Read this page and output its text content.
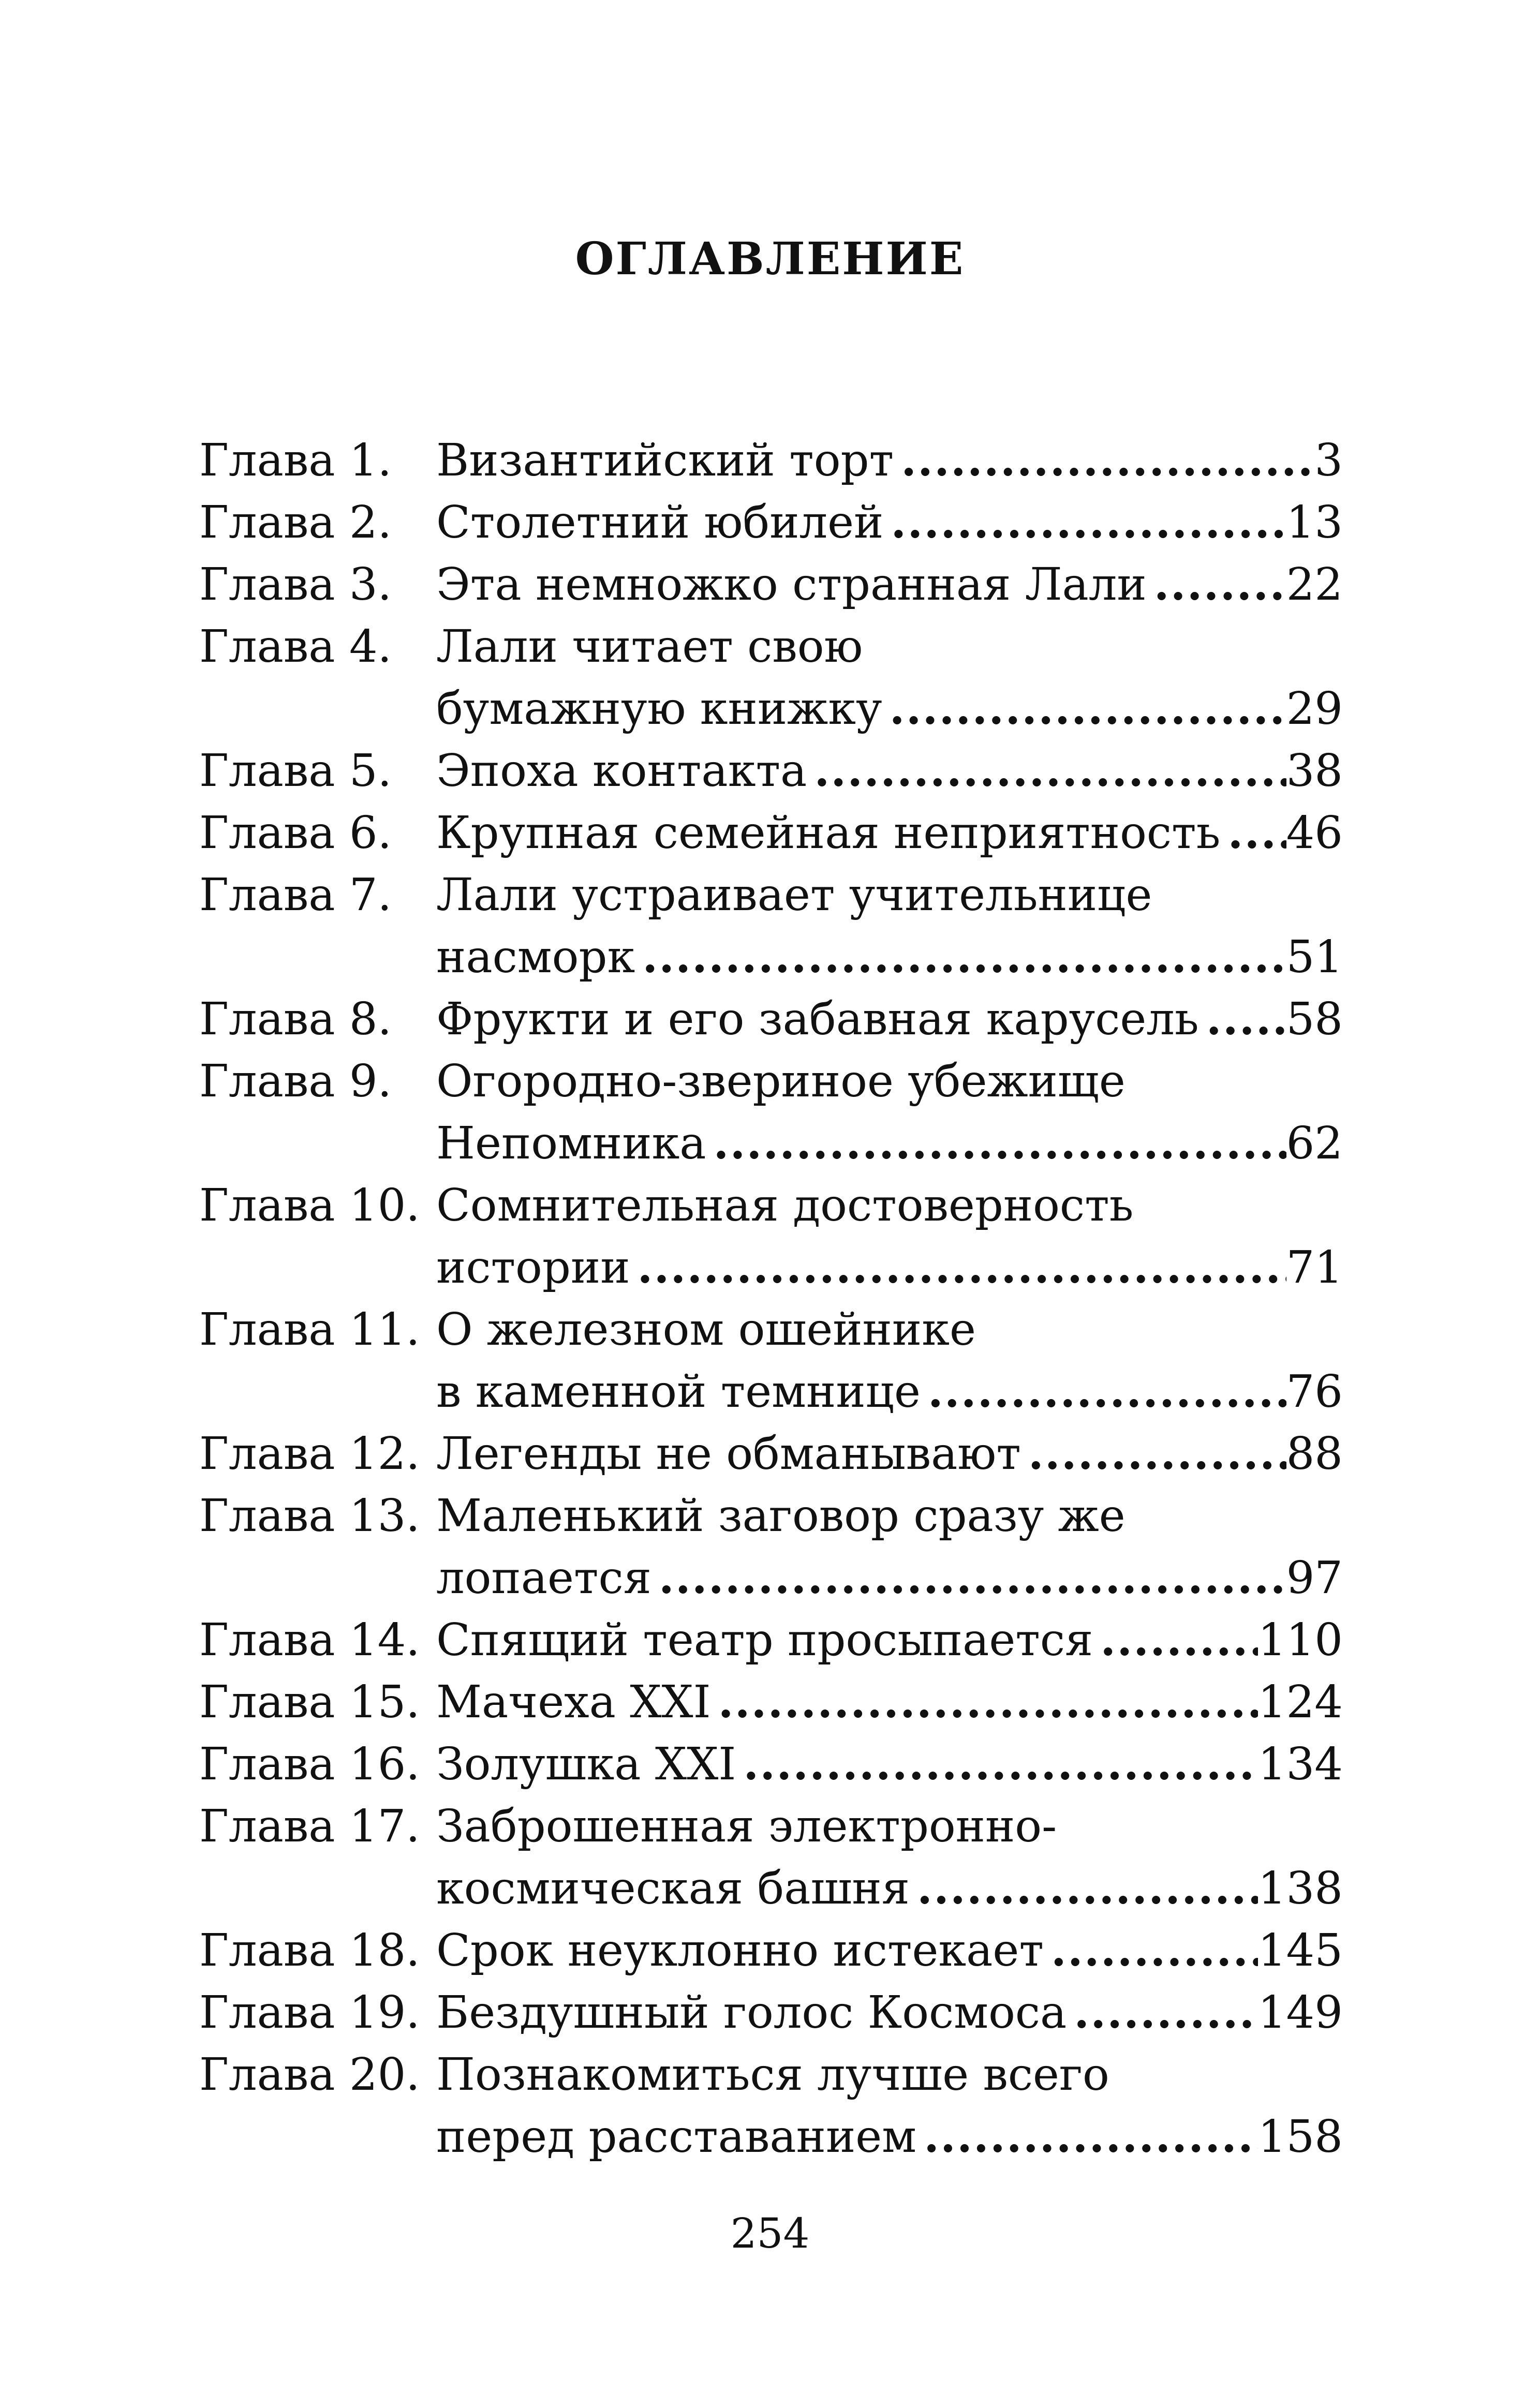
ОГЛАВЛЕНИЕ
Глава 1.	Византийский торт .....	3
Глава 2.	Столетний юбилей .....	13
Глава 3.	Эта немножко странная Лали .....	22
Глава 4.	Лали читает свою
бумажную книжку .....	29
Глава 5.	Эпоха контакта .....	38
Глава 6.	Крупная семейная неприятность ..... 46
Глава 7.	Лали устраивает учительнице
насморк .....	51
Глава 8.	Фрукти и его забавная карусель ..... 58
Глава 9.	Огородно-звериное убежище
Непомника .....	62
Глава 10. Сомнительная достоверность
истории .....	71
Глава 11. О железном ошейнике
в каменной темнице .....	76
Глава 12. Легенды не обманывают .....	88
Глава 13. Маленький заговор сразу же
лопается .....	97
Глава 14. Спящий театр просыпается .....	110
Глава 15. Мачеха XXI .....	124
Глава 16. Золушка XXI .....	134
Глава 17. Заброшенная электронно-
космическая башня .....	138
Глава 18. Срок неуклонно истекает .....	145
Глава 19. Бездушный голос Космоса .....	149
Глава 20. Познакомиться лучше всего
перед расставанием .....	158
254
